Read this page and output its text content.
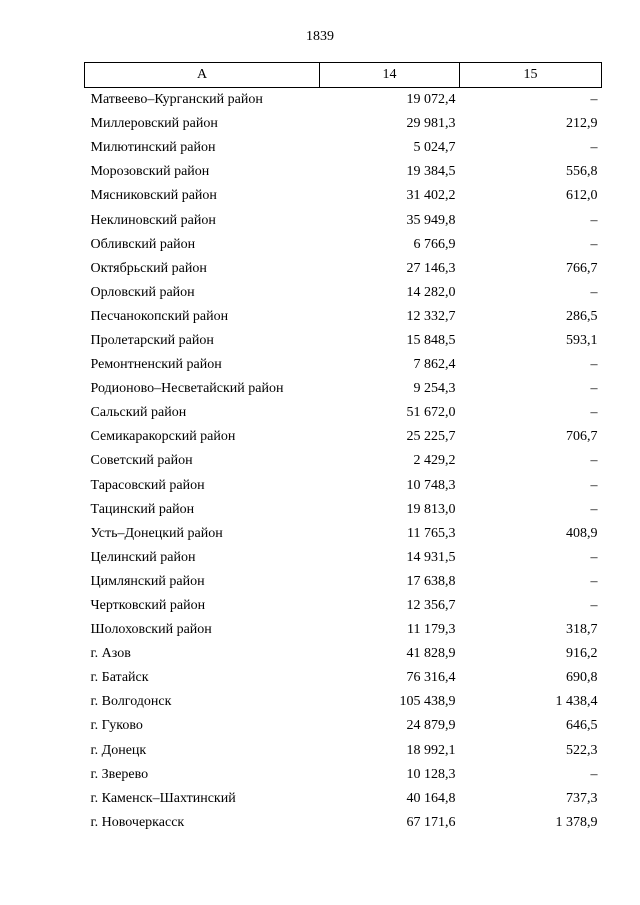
1839
А	14	15
Матвеево–Курганский район	19 072,4	–
Миллеровский район	29 981,3	212,9
Милютинский район	5 024,7	–
Морозовский район	19 384,5	556,8
Мясниковский район	31 402,2	612,0
Неклиновский район	35 949,8	–
Обливский район	6 766,9	–
Октябрьский район	27 146,3	766,7
Орловский район	14 282,0	–
Песчанокопский район	12 332,7	286,5
Пролетарский район	15 848,5	593,1
Ремонтненский район	7 862,4	–
Родионово–Несветайский район	9 254,3	–
Сальский район	51 672,0	–
Семикаракорский район	25 225,7	706,7
Советский район	2 429,2	–
Тарасовский район	10 748,3	–
Тацинский район	19 813,0	–
Усть–Донецкий район	11 765,3	408,9
Целинский район	14 931,5	–
Цимлянский район	17 638,8	–
Чертковский район	12 356,7	–
Шолоховский район	11 179,3	318,7
г. Азов	41 828,9	916,2
г. Батайск	76 316,4	690,8
г. Волгодонск	105 438,9	1 438,4
г. Гуково	24 879,9	646,5
г. Донецк	18 992,1	522,3
г. Зверево	10 128,3	–
г. Каменск–Шахтинский	40 164,8	737,3
г. Новочеркасск	67 171,6	1 378,9
